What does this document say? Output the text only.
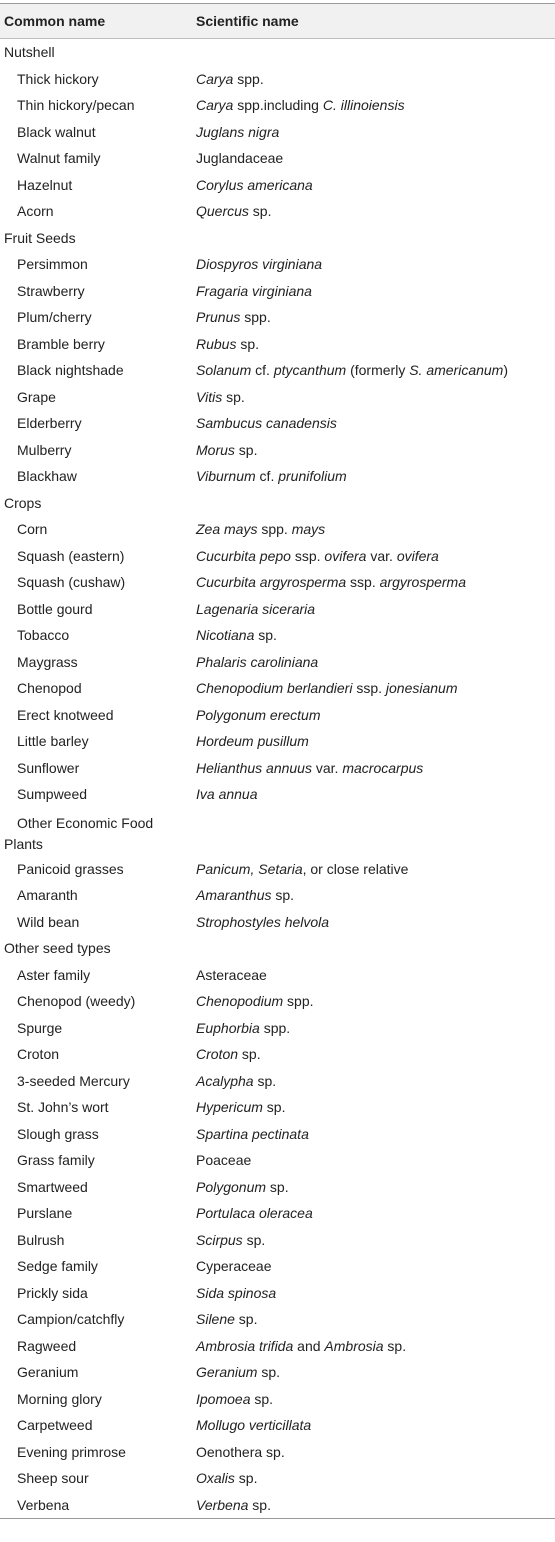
Common name	Scientific name
Nutshell
Thick hickory	Carya spp.
Thin hickory/pecan	Carya spp.including C. illinoiensis
Black walnut	Juglans nigra
Walnut family	Juglandaceae
Hazelnut	Corylus americana
Acorn	Quercus sp.
Fruit Seeds
Persimmon	Diospyros virginiana
Strawberry	Fragaria virginiana
Plum/cherry	Prunus spp.
Bramble berry	Rubus sp.
Black nightshade	Solanum cf. ptycanthum (formerly S. americanum)
Grape	Vitis sp.
Elderberry	Sambucus canadensis
Mulberry	Morus sp.
Blackhaw	Viburnum cf. prunifolium
Crops
Corn	Zea mays spp. mays
Squash (eastern)	Cucurbita pepo ssp. ovifera var. ovifera
Squash (cushaw)	Cucurbita argyrosperma ssp. argyrosperma
Bottle gourd	Lagenaria siceraria
Tobacco	Nicotiana sp.
Maygrass	Phalaris caroliniana
Chenopod	Chenopodium berlandieri ssp. jonesianum
Erect knotweed	Polygonum erectum
Little barley	Hordeum pusillum
Sunflower	Helianthus annuus var. macrocarpus
Sumpweed	Iva annua
Other Economic Food Plants
Panicoid grasses	Panicum, Setaria, or close relative
Amaranth	Amaranthus sp.
Wild bean	Strophostyles helvola
Other seed types
Aster family	Asteraceae
Chenopod (weedy)	Chenopodium spp.
Spurge	Euphorbia spp.
Croton	Croton sp.
3-seeded Mercury	Acalypha sp.
St. John’s wort	Hypericum sp.
Slough grass	Spartina pectinata
Grass family	Poaceae
Smartweed	Polygonum sp.
Purslane	Portulaca oleracea
Bulrush	Scirpus sp.
Sedge family	Cyperaceae
Prickly sida	Sida spinosa
Campion/catchfly	Silene sp.
Ragweed	Ambrosia trifida and Ambrosia sp.
Geranium	Geranium sp.
Morning glory	Ipomoea sp.
Carpetweed	Mollugo verticillata
Evening primrose	Oenothera sp.
Sheep sour	Oxalis sp.
Verbena	Verbena sp.
